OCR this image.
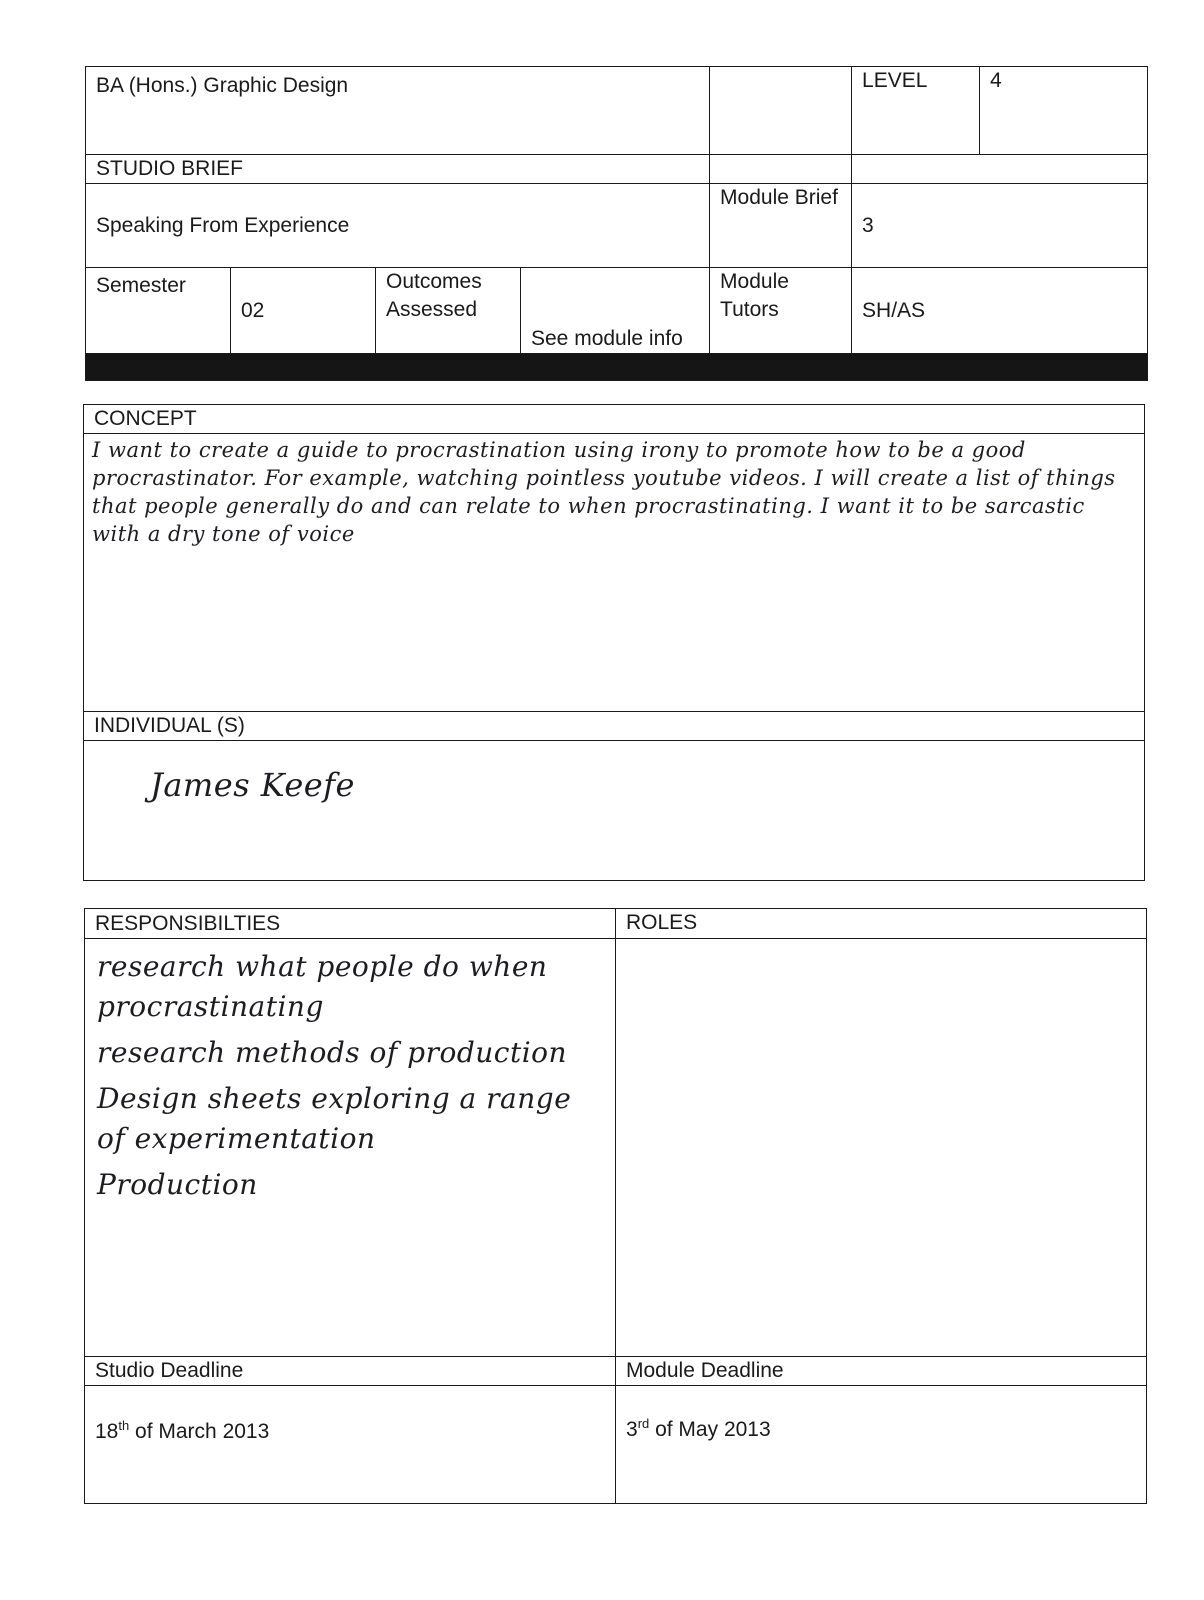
BA (Hons.) Graphic Design					LEVEL	4
STUDIO BRIEF						
Speaking From Experience				Module Brief	3	
Semester	02	Outcomes Assessed	See module info	Module Tutors	SH/AS	

CONCEPT
I want to create a guide to procrastination using irony to promote how to be a good procrastinator. For example, watching pointless youtube videos. I will create a list of things that people generally do and can relate to when procrastinating. I want it to be sarcastic with a dry tone of voice
INDIVIDUAL (S)
James Keefe
RESPONSIBILTIES	ROLES

research what people do when procrastinating
research methods of production
Design sheets exploring a range of experimentation
Production	

Studio Deadline	Module Deadline
18th of March 2013	3rd of May 2013
